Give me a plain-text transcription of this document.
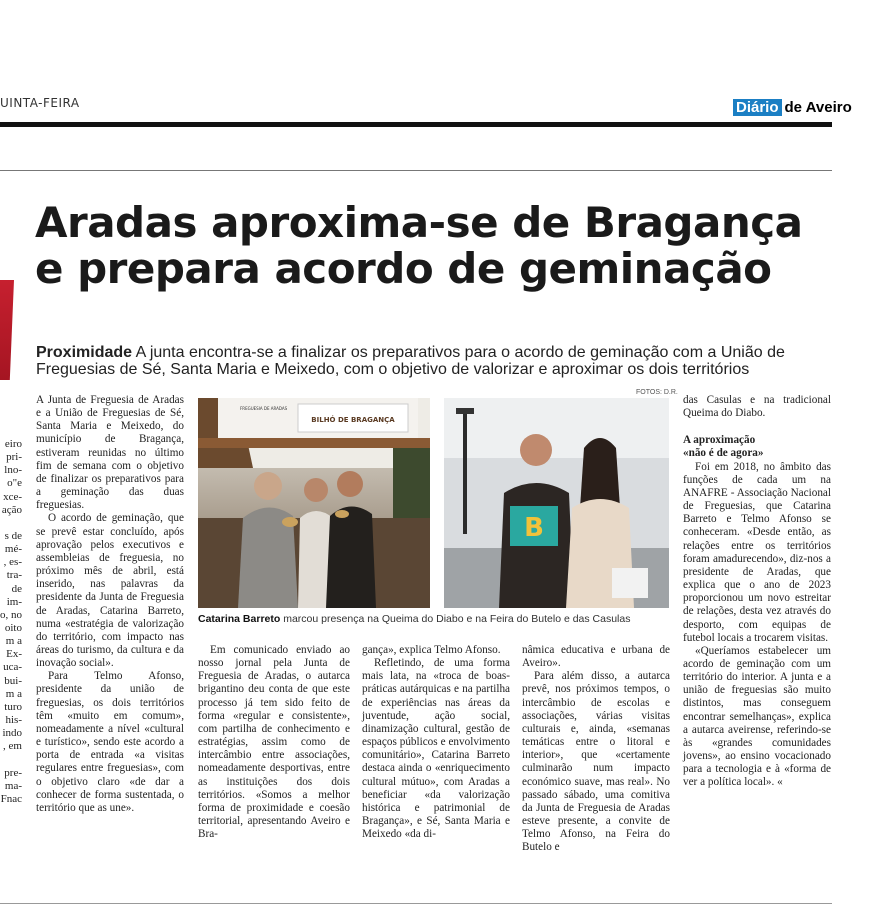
UINTA-FEIRA	Diário de Aveiro
Aradas aproxima-se de Bragança
e prepara acordo de geminação

Proximidade A junta encontra-se a finalizar os preparativos para o acordo de geminação com a União de Freguesias de Sé, Santa Maria e Meixedo, com o objetivo de valorizar e aproximar os dois territórios

FOTOS: D.R.
eiro
pri-
lno-
o"e
xce-
ação
s de
mé-
, es-
tra-
de
im-
o, no
oito
m a
Ex-
uca-
bui-
m a
turo
his-
indo
, em
pre-
ma-
Fnac

A Junta de Freguesia de Aradas e a União de Freguesias de Sé, Santa Maria e Meixedo, do município de Bragança, estiveram reunidas no último fim de semana com o objetivo de finalizar os preparativos para a geminação das duas freguesias.

O acordo de geminação, que se prevê estar concluído, após aprovação pelos executivos e assembleias de freguesia, no próximo mês de abril, está inserido, nas palavras da presidente da Junta de Freguesia de Aradas, Catarina Barreto, numa «estratégia de valorização do território, com impacto nas áreas do turismo, da cultura e da inovação social».

Para Telmo Afonso, presidente da união de freguesias, os dois territórios têm «muito em comum», nomeadamente a nível «cultural e turístico», sendo este acordo a porta de entrada «a visitas regulares entre freguesias», com o objetivo claro «de dar a conhecer de forma sustentada, o território que as une».

BILHÓ DE BRAGANÇA
FREGUESIA DE ARADAS
B
Catarina Barreto marcou presença na Queima do Diabo e na Feira do Butelo e das Casulas

Em comunicado enviado ao nosso jornal pela Junta de Freguesia de Aradas, o autarca brigantino deu conta de que este processo já tem sido feito de forma «regular e consistente», com partilha de conhecimento e estratégias, assim como de intercâmbio entre associações, nomeadamente desportivas, entre as instituições dos dois territórios. «Somos a melhor forma de proximidade e coesão territorial, apresentando Aveiro e Bra-

gança», explica Telmo Afonso.

Refletindo, de uma forma mais lata, na «troca de boas-práticas autárquicas e na partilha de experiências nas áreas da juventude, ação social, dinamização cultural, gestão de espaços públicos e envolvimento comunitário», Catarina Barreto destaca ainda o «enriquecimento cultural mútuo», com Aradas a beneficiar «da valorização histórica e patrimonial de Bragança», e Sé, Santa Maria e Meixedo «da di-

nâmica educativa e urbana de Aveiro».

Para além disso, a autarca prevê, nos próximos tempos, o intercâmbio de escolas e associações, várias visitas culturais e, ainda, «semanas temáticas entre o litoral e interior», que «certamente culminarão num impacto económico suave, mas real». No passado sábado, uma comitiva da Junta de Freguesia de Aradas esteve presente, a convite de Telmo Afonso, na Feira do Butelo e

das Casulas e na tradicional Queima do Diabo.

A aproximação
«não é de agora»

Foi em 2018, no âmbito das funções de cada um na ANAFRE - Associação Nacional de Freguesias, que Catarina Barreto e Telmo Afonso se conheceram. «Desde então, as relações entre os territórios foram amadurecendo», diz-nos a presidente de Aradas, que explica que o ano de 2023 proporcionou um novo estreitar de relações, desta vez através do desporto, com equipas de futebol locais a trocarem visitas.

«Queríamos estabelecer um acordo de geminação com um território do interior. A junta e a união de freguesias são muito distintos, mas conseguem encontrar semelhanças», explica a autarca aveirense, referindo-se às «grandes comunidades jovens», ao ensino vocacionado para a tecnologia e à «forma de ver a política local». «
